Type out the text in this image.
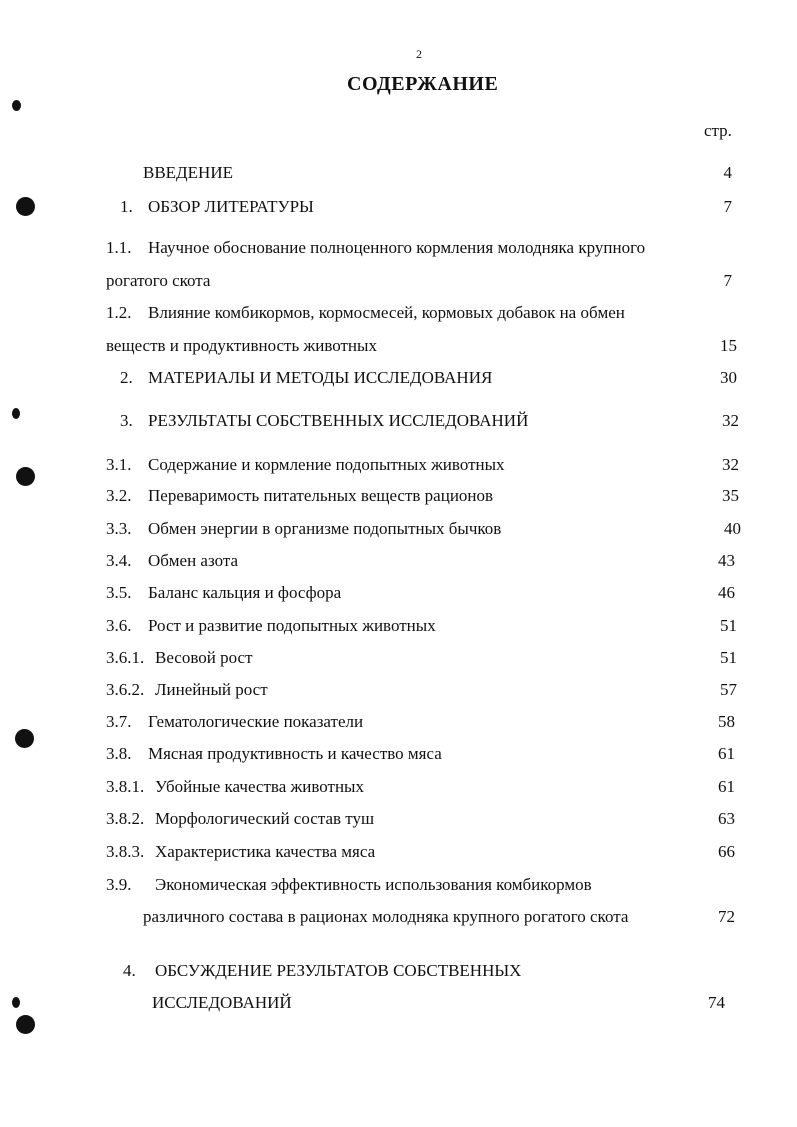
2
СОДЕРЖАНИЕ
стр.
ВВЕДЕНИЕ	4
1. ОБЗОР ЛИТЕРАТУРЫ	7
1.1. Научное обоснование полноценного кормления молодняка крупного
рогатого скота	7
1.2. Влияние комбикормов, кормосмесей, кормовых добавок на обмен
веществ и продуктивность животных	15
2. МАТЕРИАЛЫ И МЕТОДЫ ИССЛЕДОВАНИЯ	30
3. РЕЗУЛЬТАТЫ СОБСТВЕННЫХ ИССЛЕДОВАНИЙ	32
3.1. Содержание и кормление подопытных животных	32
3.2. Переваримость питательных веществ рационов	35
3.3. Обмен энергии в организме подопытных бычков	40
3.4. Обмен азота	43
3.5. Баланс кальция и фосфора	46
3.6. Рост и развитие подопытных животных	51
3.6.1. Весовой рост	51
3.6.2. Линейный рост	57
3.7. Гематологические показатели	58
3.8. Мясная продуктивность и качество мяса	61
3.8.1. Убойные качества животных	61
3.8.2. Морфологический состав туш	63
3.8.3. Характеристика качества мяса	66
3.9. Экономическая эффективность использования комбикормов
различного состава в рационах молодняка крупного рогатого скота	72
4. ОБСУЖДЕНИЕ РЕЗУЛЬТАТОВ СОБСТВЕННЫХ
ИССЛЕДОВАНИЙ	74
